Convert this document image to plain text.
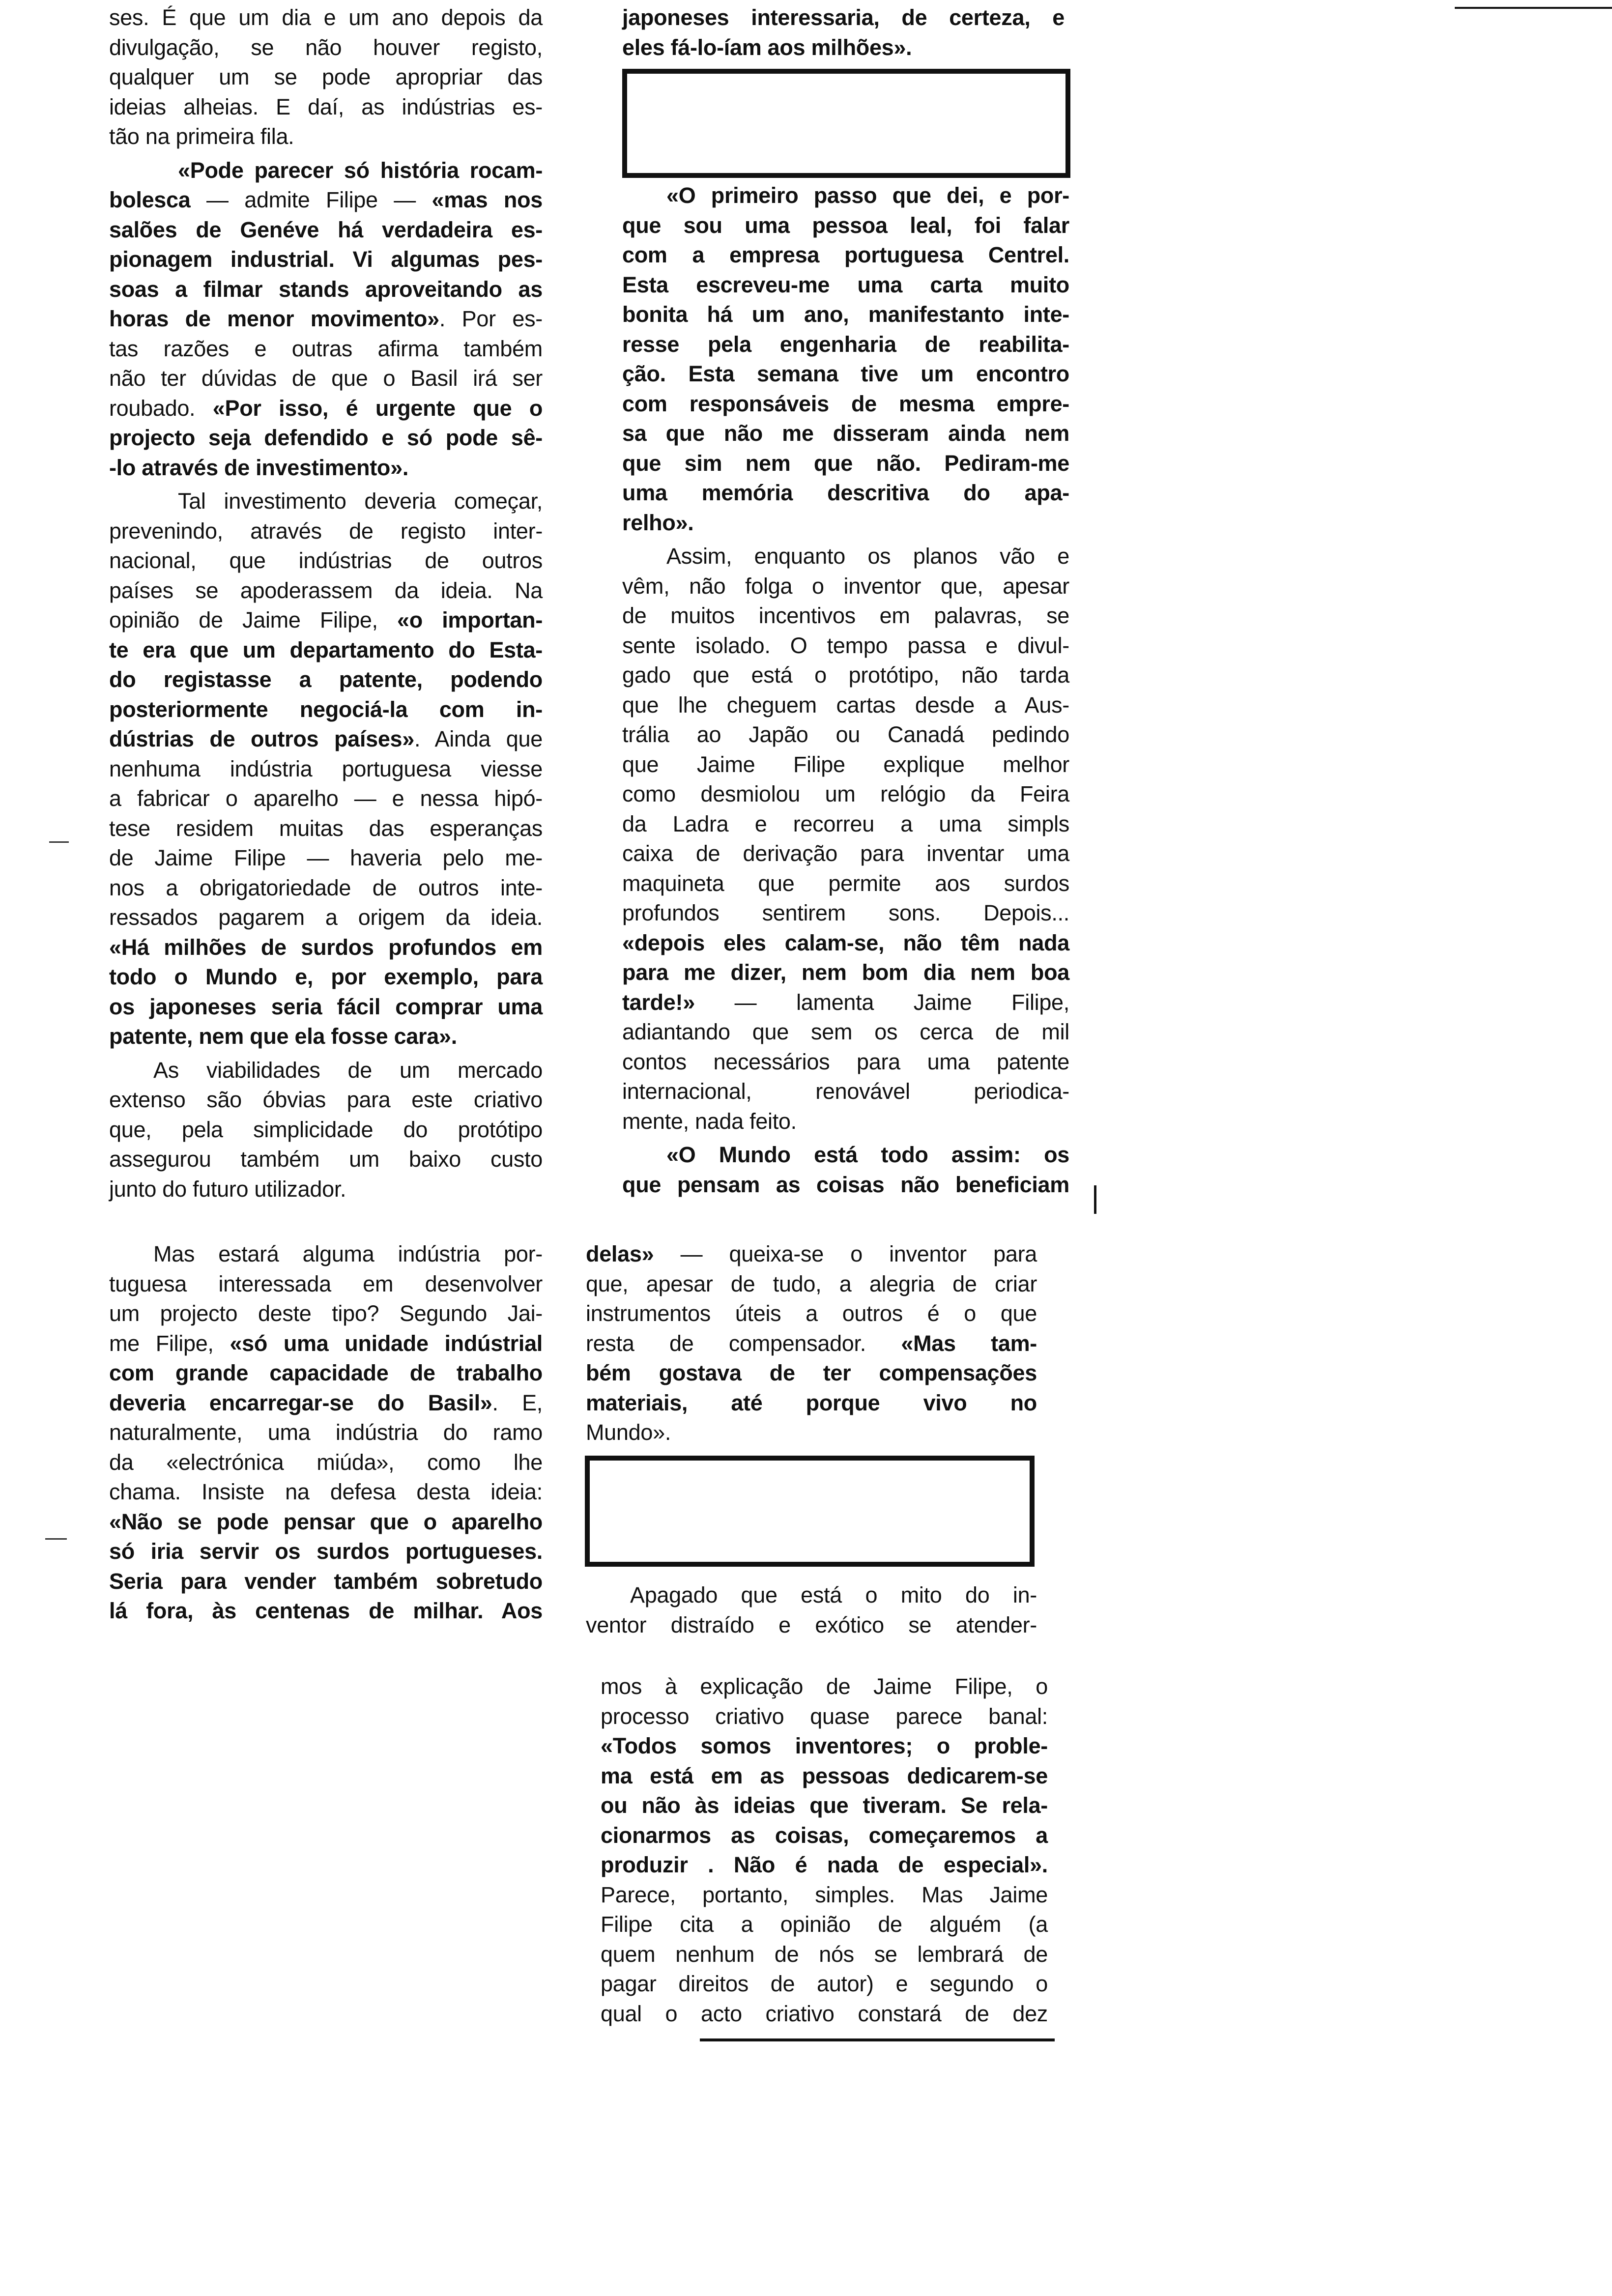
ses. É que um dia e um ano depois da
divulgação, se não houver registo,
qualquer um se pode apropriar das
ideias alheias. E daí, as indústrias es-
tão na primeira fila.
«Pode parecer só história rocam-
bolesca — admite Filipe — «mas nos
salões de Genéve há verdadeira es-
pionagem industrial. Vi algumas pes-
soas a filmar stands aproveitando as
horas de menor movimento». Por es-
tas razões e outras afirma também
não ter dúvidas de que o Basil irá ser
roubado. «Por isso, é urgente que o
projecto seja defendido e só pode sê-
-lo através de investimento».
Tal investimento deveria começar,
prevenindo, através de registo inter-
nacional, que indústrias de outros
países se apoderassem da ideia. Na
opinião de Jaime Filipe, «o importan-
te era que um departamento do Esta-
do registasse a patente, podendo
posteriormente negociá-la com in-
dústrias de outros países». Ainda que
nenhuma indústria portuguesa viesse
a fabricar o aparelho — e nessa hipó-
tese residem muitas das esperanças
de Jaime Filipe — haveria pelo me-
nos a obrigatoriedade de outros inte-
ressados pagarem a origem da ideia.
«Há milhões de surdos profundos em
todo o Mundo e, por exemplo, para
os japoneses seria fácil comprar uma
patente, nem que ela fosse cara».
As viabilidades de um mercado
extenso são óbvias para este criativo
que, pela simplicidade do protótipo
assegurou também um baixo custo
junto do futuro utilizador.
Mas estará alguma indústria por-
tuguesa interessada em desenvolver
um projecto deste tipo? Segundo Jai-
me Filipe, «só uma unidade indústrial
com grande capacidade de trabalho
deveria encarregar-se do Basil». E,
naturalmente, uma indústria do ramo
da «electrónica miúda», como lhe
chama. Insiste na defesa desta ideia:
«Não se pode pensar que o aparelho
só iria servir os surdos portugueses.
Seria para vender também sobretudo
lá fora, às centenas de milhar. Aos
japoneses interessaria, de certeza, e
eles fá-lo-íam aos milhões».
«O primeiro passo que dei, e por-
que sou uma pessoa leal, foi falar
com a empresa portuguesa Centrel.
Esta escreveu-me uma carta muito
bonita há um ano, manifestanto inte-
resse pela engenharia de reabilita-
ção. Esta semana tive um encontro
com responsáveis de mesma empre-
sa que não me disseram ainda nem
que sim nem que não. Pediram-me
uma memória descritiva do apa-
relho».
Assim, enquanto os planos vão e
vêm, não folga o inventor que, apesar
de muitos incentivos em palavras, se
sente isolado. O tempo passa e divul-
gado que está o protótipo, não tarda
que lhe cheguem cartas desde a Aus-
trália ao Japão ou Canadá pedindo
que Jaime Filipe explique melhor
como desmiolou um relógio da Feira
da Ladra e recorreu a uma simpls
caixa de derivação para inventar uma
maquineta que permite aos surdos
profundos sentirem sons. Depois...
«depois eles calam-se, não têm nada
para me dizer, nem bom dia nem boa
tarde!» — lamenta Jaime Filipe,
adiantando que sem os cerca de mil
contos necessários para uma patente
internacional, renovável periodica-
mente, nada feito.
«O Mundo está todo assim: os
que pensam as coisas não beneficiam
delas» — queixa-se o inventor para
que, apesar de tudo, a alegria de criar
instrumentos úteis a outros é o que
resta de compensador. «Mas tam-
bém gostava de ter compensações
materiais, até porque vivo no
Mundo».
Apagado que está o mito do in-
ventor distraído e exótico se atender-
mos à explicação de Jaime Filipe, o
processo criativo quase parece banal:
«Todos somos inventores; o proble-
ma está em as pessoas dedicarem-se
ou não às ideias que tiveram. Se rela-
cionarmos as coisas, começaremos a
produzir . Não é nada de especial».
Parece, portanto, simples. Mas Jaime
Filipe cita a opinião de alguém (a
quem nenhum de nós se lembrará de
pagar direitos de autor) e segundo o
qual o acto criativo constará de dez
